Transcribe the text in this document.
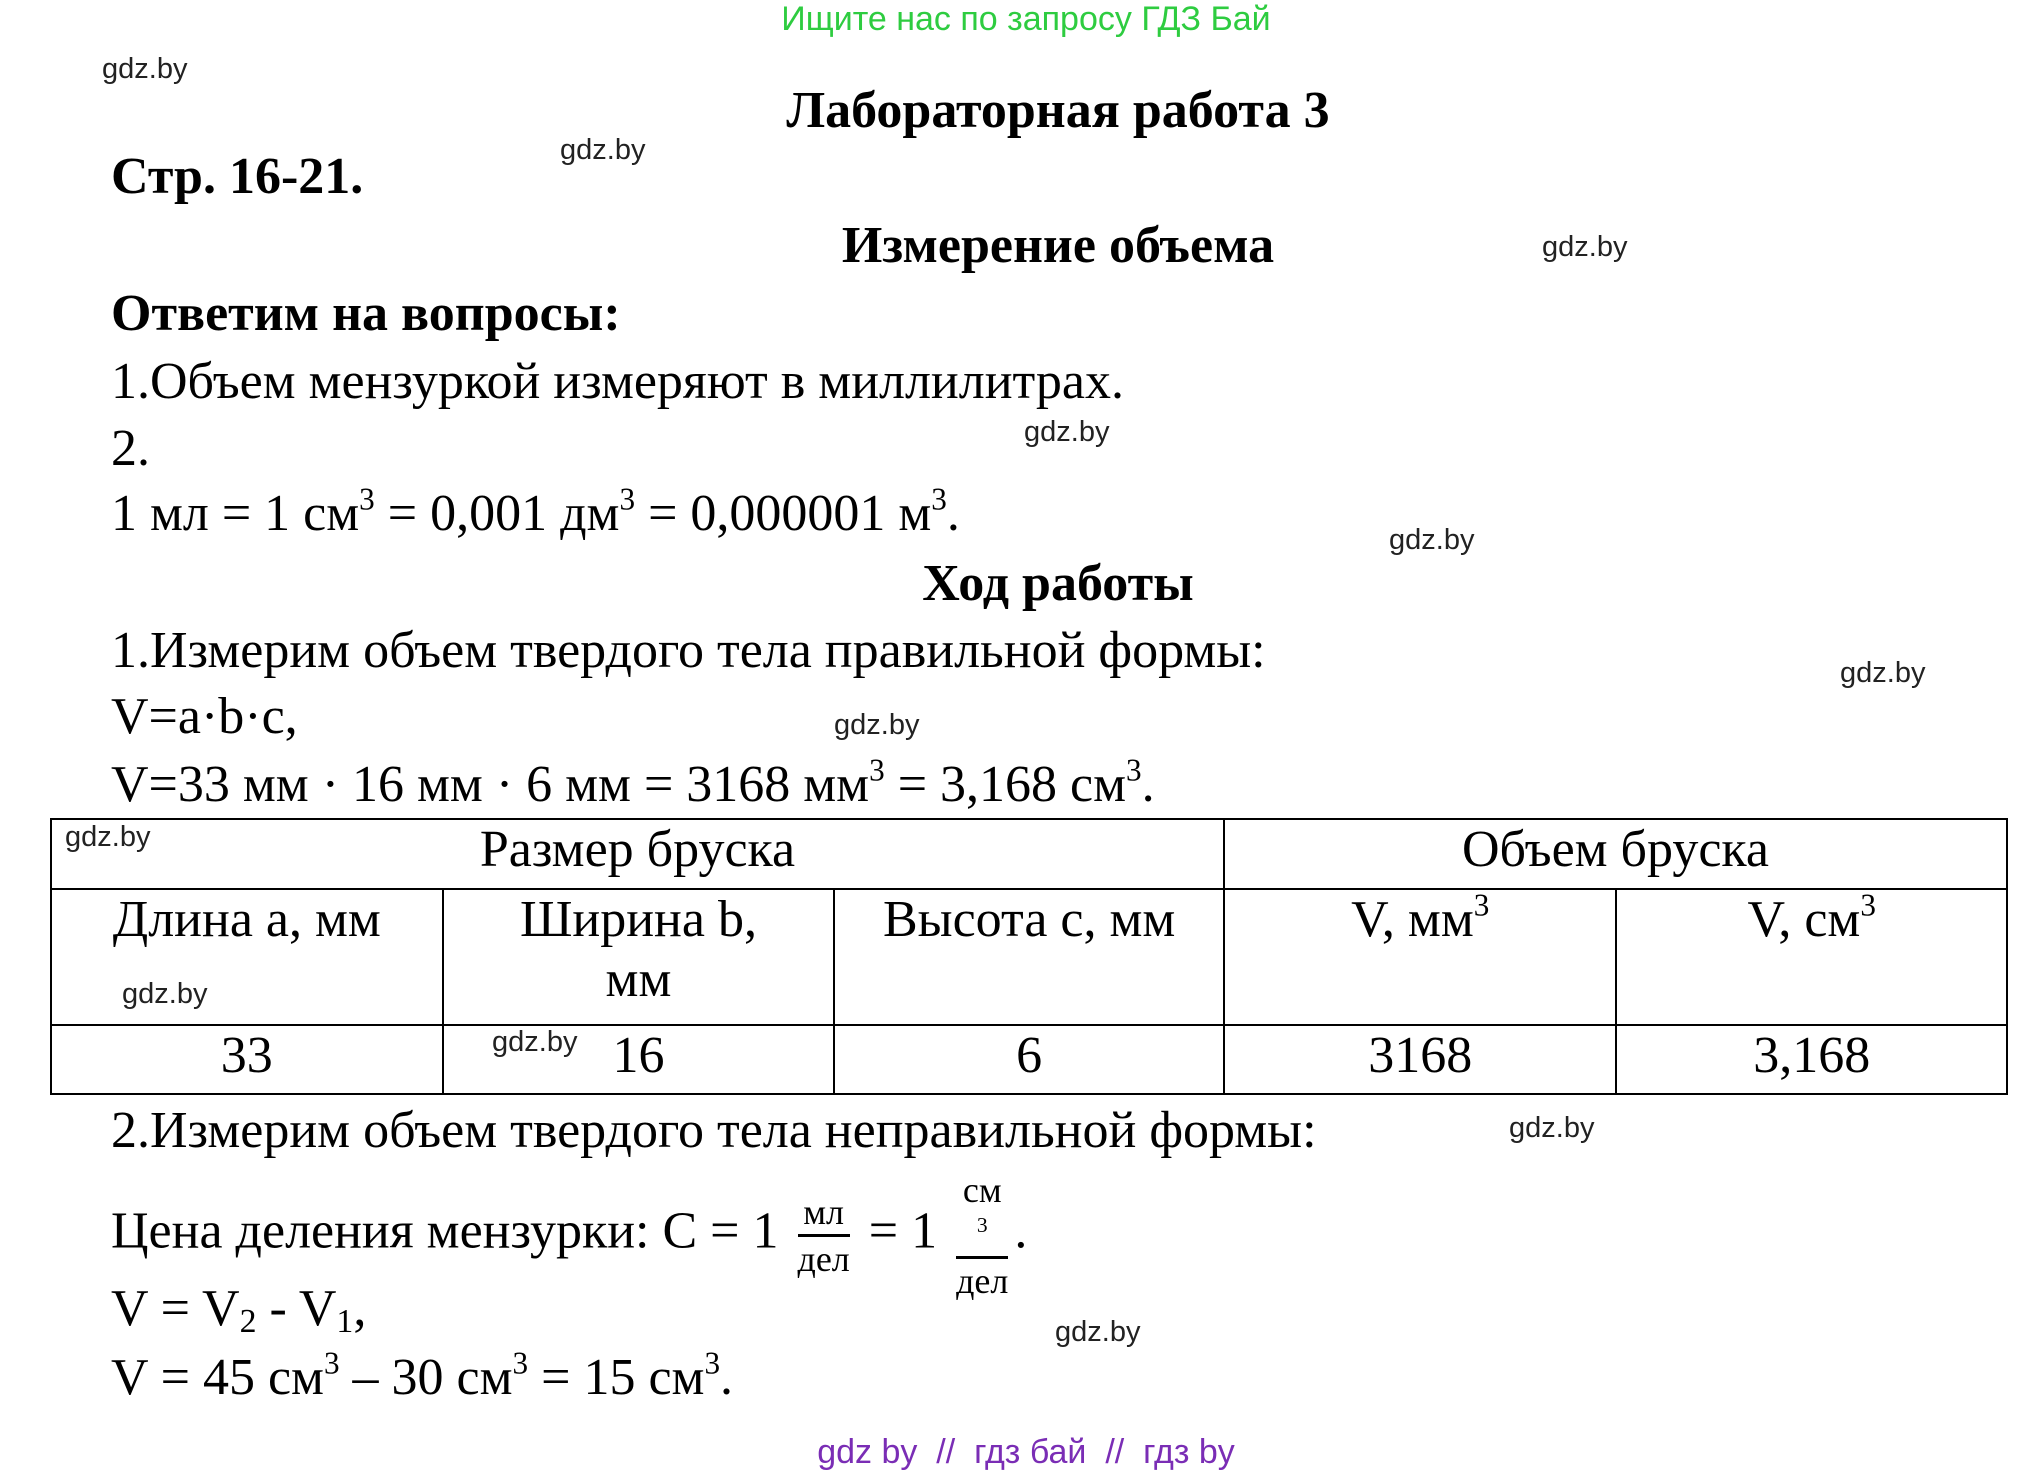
Ищите нас по запросу ГДЗ Бай
gdz.by
gdz.by
gdz.by
gdz.by
gdz.by
gdz.by
gdz.by
gdz.by
gdz.by
gdz.by
gdz.by
gdz.by
Лабораторная работа 3
Стр. 16-21.
Измерение объема
Ответим на вопросы:
1.Объем мензуркой измеряют в миллилитрах.
2.
1 мл = 1 $см^3 = 0,001$ $дм^3 = 0,000001$ $м^3$.
Ход работы
1.Измерим объем твердого тела правильной формы:
V=a·b·c,
V=33 мм · 16 мм · 6 мм = 3168 $мм^3 = 3,168$ $см^3$.
Размер бруска			Объем бруска	
Длина a, мм	Ширина b, мм	Высота c, мм	V, $мм^3$	V, $см^3$
33	16	6	3168	3,168
2.Измерим объем твердого тела неправильной формы:
Цена деления мензурки: $C = 1 \frac{мл}{\text{дел}} = 1$ см
$^3$
дел .
$V = V_2 - V_1$,
V = 45 $см^3 - 30$ $см^3 = 15$ $см^3$.
gdz by  //  гдз бай  //  гдз by
